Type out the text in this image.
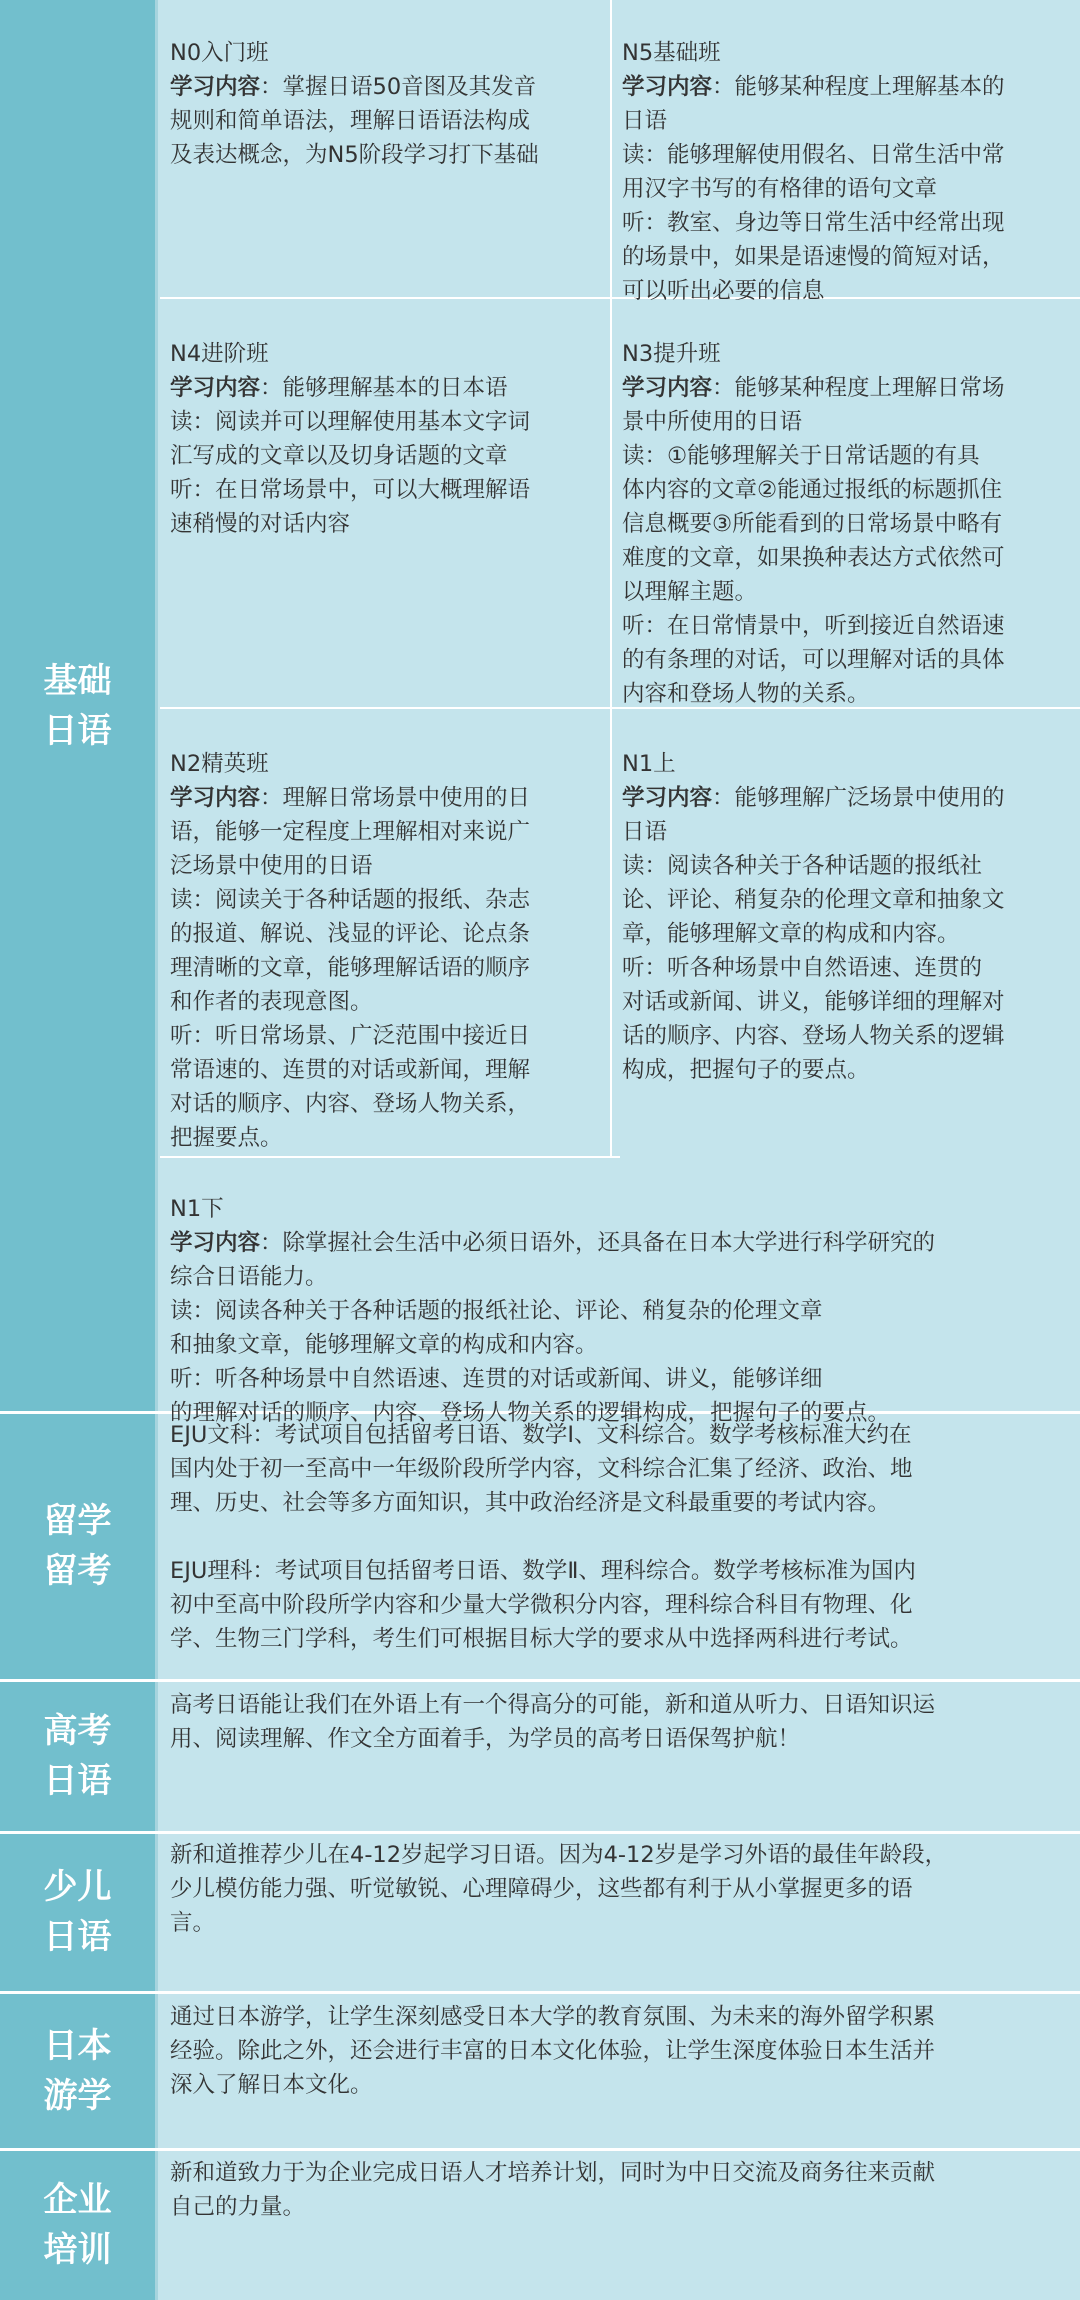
基础
日语
留学
留考
高考
日语
少儿
日语
日本
游学
企业
培训

N0入门班
学习内容：掌握日语50音图及其发音
规则和简单语法，理解日语语法构成
及表达概念，为N5阶段学习打下基础

N5基础班
学习内容：能够某种程度上理解基本的
日语
读：能够理解使用假名、日常生活中常
用汉字书写的有格律的语句文章
听：教室、身边等日常生活中经常出现
的场景中，如果是语速慢的简短对话，
可以听出必要的信息

N4进阶班
学习内容：能够理解基本的日本语
读：阅读并可以理解使用基本文字词
汇写成的文章以及切身话题的文章
听：在日常场景中，可以大概理解语
速稍慢的对话内容

N3提升班
学习内容：能够某种程度上理解日常场
景中所使用的日语
读：①能够理解关于日常话题的有具
体内容的文章②能通过报纸的标题抓住
信息概要③所能看到的日常场景中略有
难度的文章，如果换种表达方式依然可
以理解主题。
听：在日常情景中，听到接近自然语速
的有条理的对话，可以理解对话的具体
内容和登场人物的关系。

N2精英班
学习内容：理解日常场景中使用的日
语，能够一定程度上理解相对来说广
泛场景中使用的日语
读：阅读关于各种话题的报纸、杂志
的报道、解说、浅显的评论、论点条
理清晰的文章，能够理解话语的顺序
和作者的表现意图。
听：听日常场景、广泛范围中接近日
常语速的、连贯的对话或新闻，理解
对话的顺序、内容、登场人物关系，
把握要点。

N1上
学习内容：能够理解广泛场景中使用的
日语
读：阅读各种关于各种话题的报纸社
论、评论、稍复杂的伦理文章和抽象文
章，能够理解文章的构成和内容。
听：听各种场景中自然语速、连贯的
对话或新闻、讲义，能够详细的理解对
话的顺序、内容、登场人物关系的逻辑
构成，把握句子的要点。

N1下
学习内容：除掌握社会生活中必须日语外，还具备在日本大学进行科学研究的
综合日语能力。
读：阅读各种关于各种话题的报纸社论、评论、稍复杂的伦理文章
和抽象文章，能够理解文章的构成和内容。
听：听各种场景中自然语速、连贯的对话或新闻、讲义，能够详细
的理解对话的顺序、内容、登场人物关系的逻辑构成，把握句子的要点。

EJU文科：考试项目包括留考日语、数学Ⅰ、文科综合。数学考核标准大约在
国内处于初一至高中一年级阶段所学内容，文科综合汇集了经济、政治、地
理、历史、社会等多方面知识，其中政治经济是文科最重要的考试内容。

EJU理科：考试项目包括留考日语、数学Ⅱ、理科综合。数学考核标准为国内
初中至高中阶段所学内容和少量大学微积分内容，理科综合科目有物理、化
学、生物三门学科，考生们可根据目标大学的要求从中选择两科进行考试。
高考日语能让我们在外语上有一个得高分的可能，新和道从听力、日语知识运
用、阅读理解、作文全方面着手，为学员的高考日语保驾护航！
新和道推荐少儿在4-12岁起学习日语。因为4-12岁是学习外语的最佳年龄段，
少儿模仿能力强、听觉敏锐、心理障碍少，这些都有利于从小掌握更多的语
言。
通过日本游学，让学生深刻感受日本大学的教育氛围、为未来的海外留学积累
经验。除此之外，还会进行丰富的日本文化体验，让学生深度体验日本生活并
深入了解日本文化。
新和道致力于为企业完成日语人才培养计划，同时为中日交流及商务往来贡献
自己的力量。
